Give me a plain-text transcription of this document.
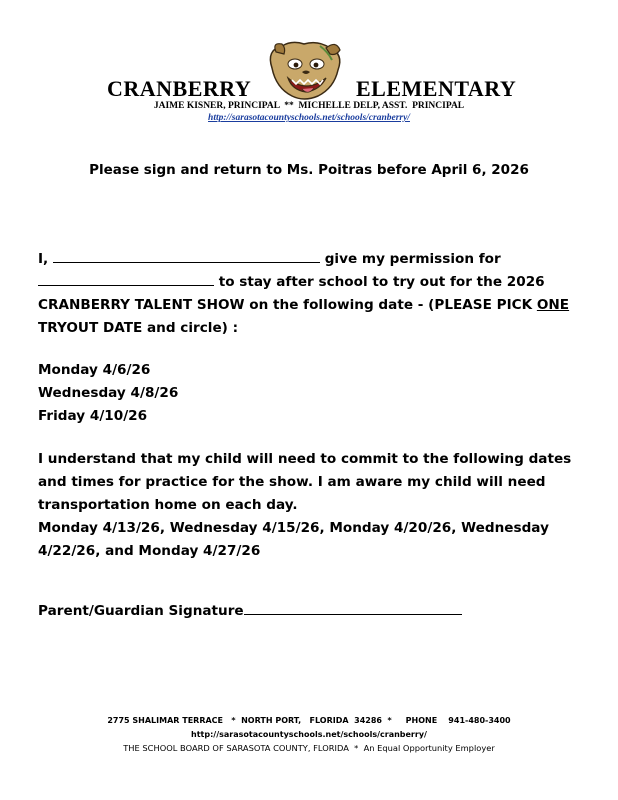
CRANBERRY	ELEMENTARY

JAIME KISNER, PRINCIPAL  **  MICHELLE DELP, ASST.  PRINCIPAL

http://sarasotacountyschools.net/schools/cranberry/

Please sign and return to Ms. Poitras before April 6, 2026

I,	give my permission for
to stay after school to try out for the 2026 CRANBERRY TALENT SHOW on the following date - (PLEASE PICK ONE TRYOUT DATE and circle) :

Monday 4/6/26
Wednesday 4/8/26
Friday 4/10/26
I understand that my child will need to commit to the following dates and times for practice for the show. I am aware my child will need transportation home on each day.
Monday 4/13/26, Wednesday 4/15/26, Monday 4/20/26, Wednesday 4/22/26, and Monday 4/27/26

Parent/Guardian Signature

2775 SHALIMAR TERRACE   *  NORTH PORT,   FLORIDA  34286  *     PHONE    941-480-3400

http://sarasotacountyschools.net/schools/cranberry/

THE SCHOOL BOARD OF SARASOTA COUNTY, FLORIDA  *  An Equal Opportunity Employer
